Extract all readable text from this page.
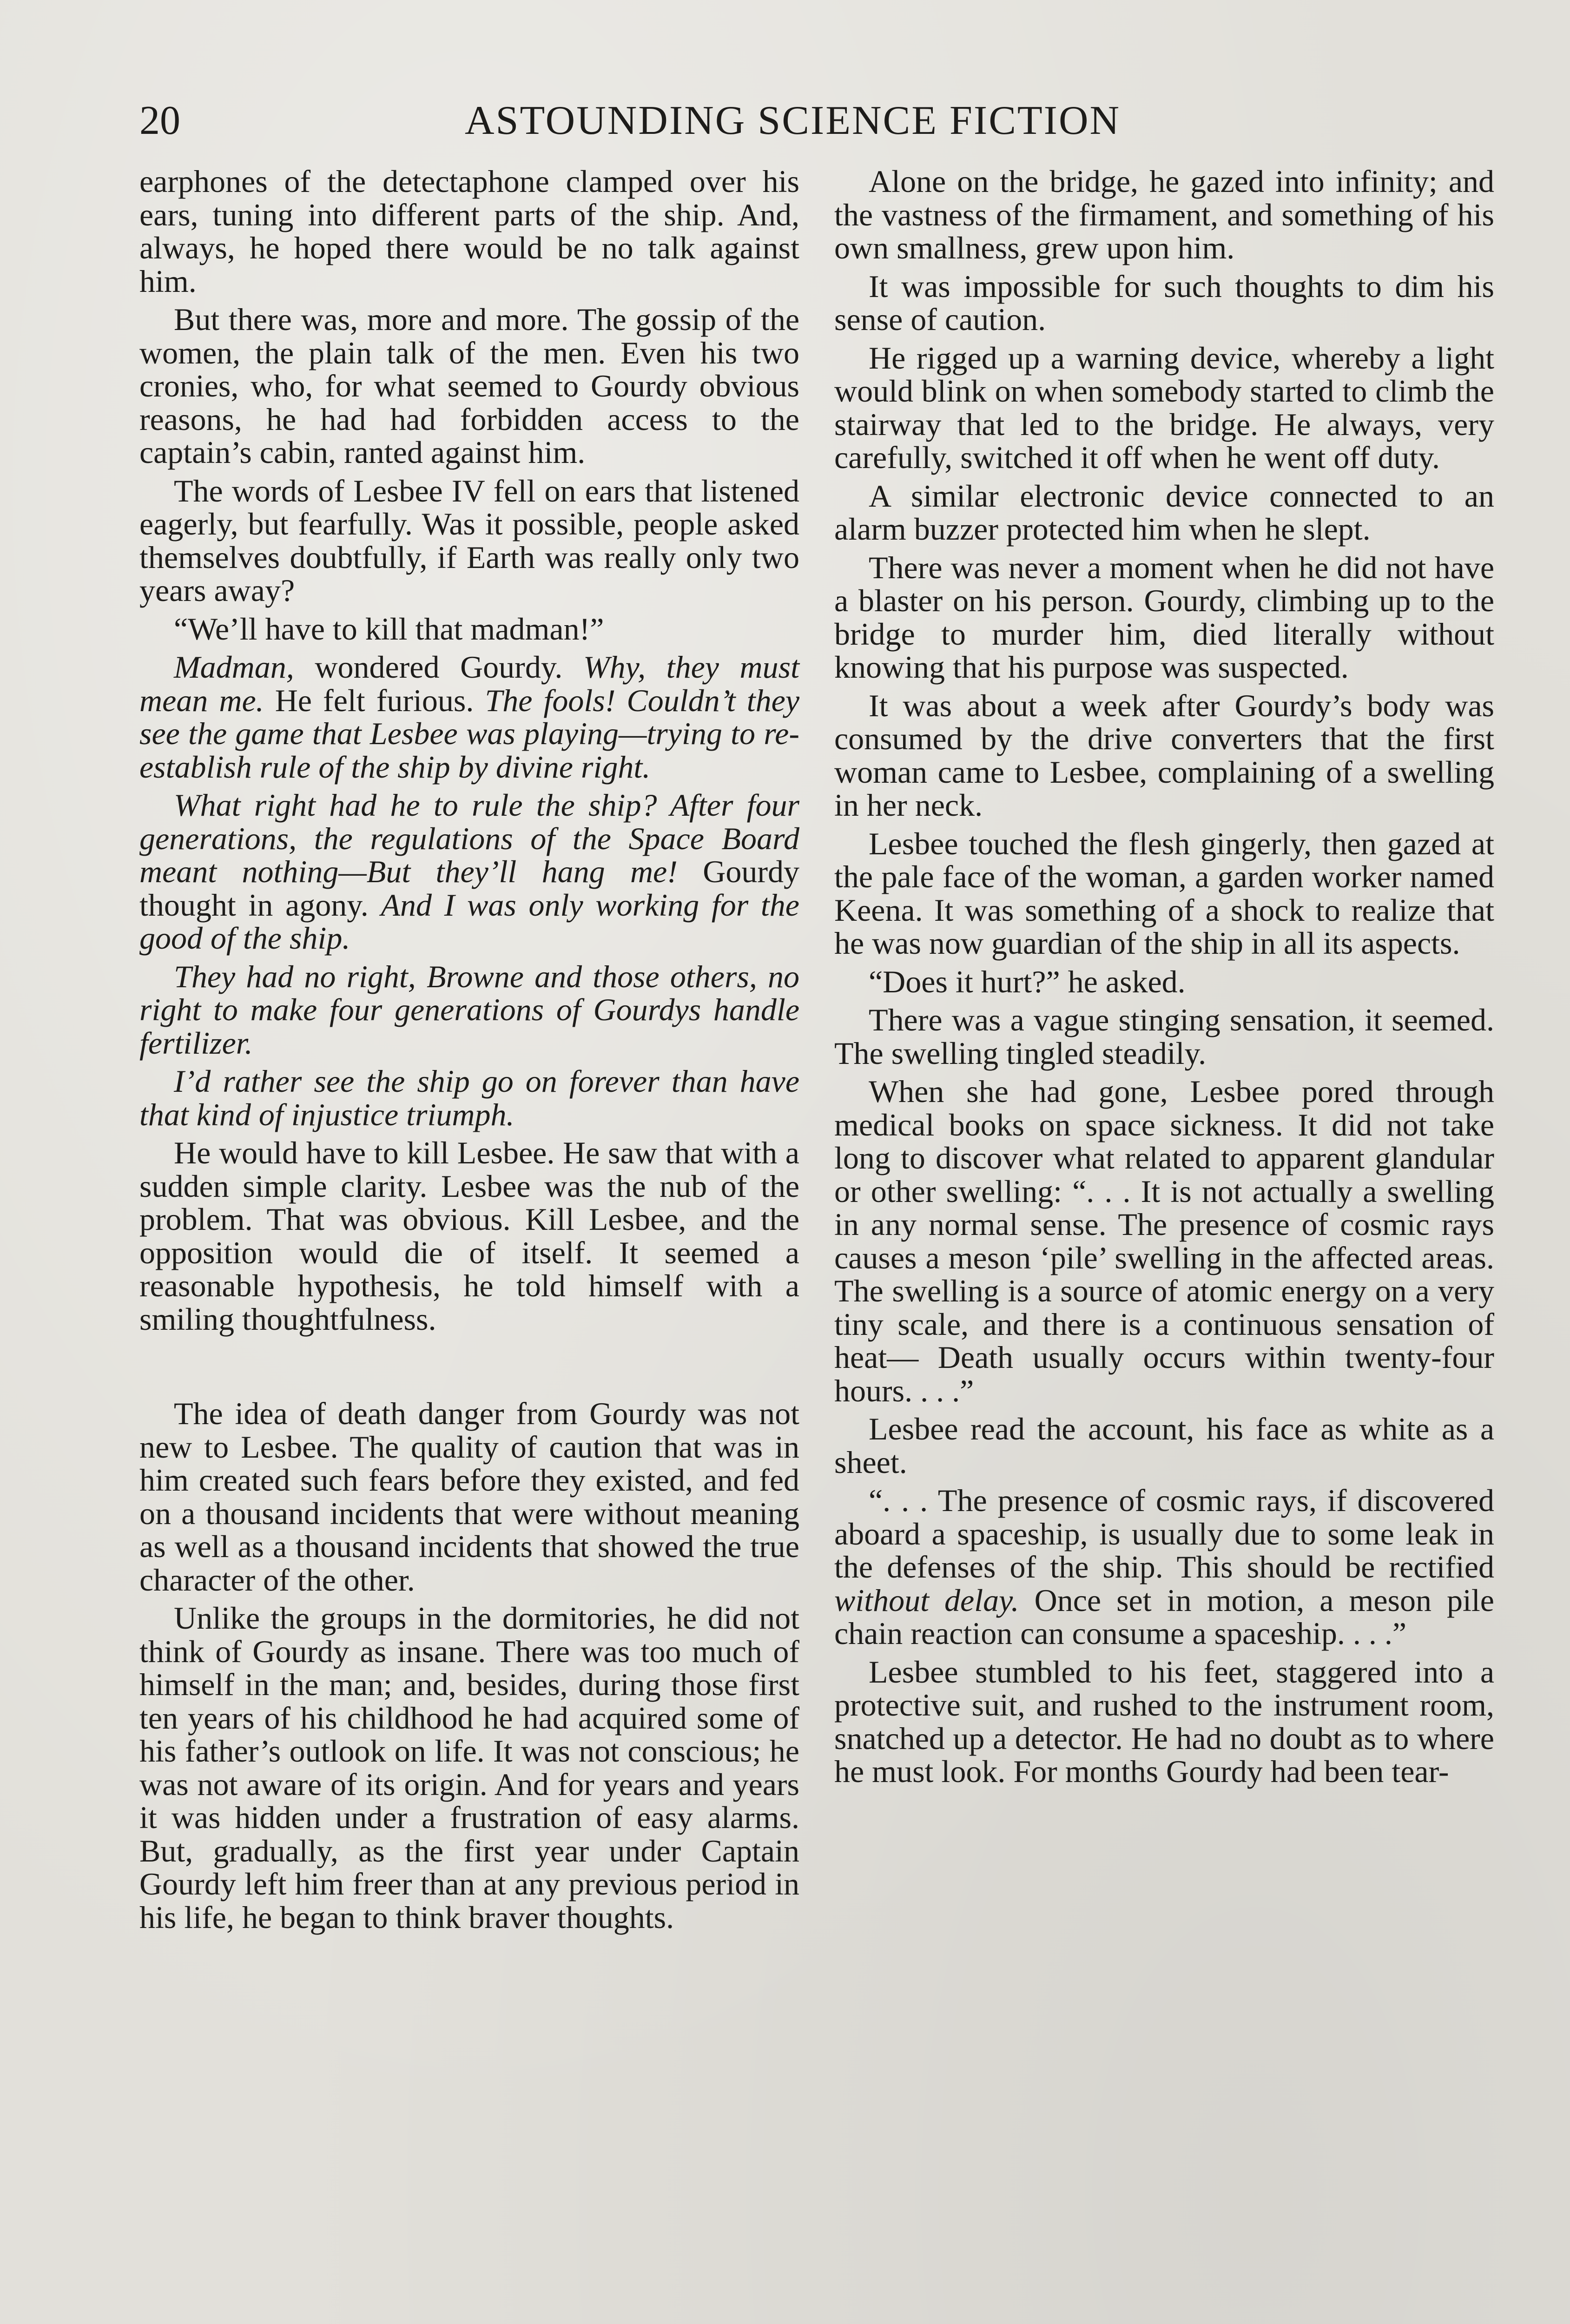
20	ASTOUNDING SCIENCE FICTION

earphones of the detectaphone clamped over his ears, tuning into different parts of the ship. And, always, he hoped there would be no talk against him.

But there was, more and more. The gossip of the women, the plain talk of the men. Even his two cronies, who, for what seemed to Gourdy obvious reasons, he had had forbidden access to the captain’s cabin, ranted against him.

The words of Lesbee IV fell on ears that listened eagerly, but fearfully. Was it possible, people asked themselves doubtfully, if Earth was really only two years away?

“We’ll have to kill that madman!”

Madman, wondered Gourdy. Why, they must mean me. He felt furious. The fools! Couldn’t they see the game that Lesbee was playing—trying to re-establish rule of the ship by divine right.

What right had he to rule the ship? After four generations, the regulations of the Space Board meant nothing—But they’ll hang me! Gourdy thought in agony. And I was only working for the good of the ship.

They had no right, Browne and those others, no right to make four generations of Gourdys handle fertilizer.

I’d rather see the ship go on forever than have that kind of injustice triumph.

He would have to kill Lesbee. He saw that with a sudden simple clarity. Lesbee was the nub of the problem. That was obvious. Kill Lesbee, and the opposition would die of itself. It seemed a reasonable hypothesis, he told himself with a smiling thoughtfulness.

The idea of death danger from Gourdy was not new to Lesbee. The quality of caution that was in him created such fears before they existed, and fed on a thousand incidents that were without meaning as well as a thousand incidents that showed the true character of the other.

Unlike the groups in the dormitories, he did not think of Gourdy as insane. There was too much of himself in the man; and, besides, during those first ten years of his childhood he had acquired some of his father’s outlook on life. It was not conscious; he was not aware of its origin. And for years and years it was hidden under a frustration of easy alarms. But, gradually, as the first year under Captain Gourdy left him freer than at any previous period in his life, he began to think braver thoughts.

Alone on the bridge, he gazed into infinity; and the vastness of the firmament, and something of his own smallness, grew upon him.

It was impossible for such thoughts to dim his sense of caution.

He rigged up a warning device, whereby a light would blink on when somebody started to climb the stairway that led to the bridge. He always, very carefully, switched it off when he went off duty.

A similar electronic device connected to an alarm buzzer protected him when he slept.

There was never a moment when he did not have a blaster on his person. Gourdy, climbing up to the bridge to murder him, died literally without knowing that his purpose was suspected.

It was about a week after Gourdy’s body was consumed by the drive converters that the first woman came to Lesbee, complaining of a swelling in her neck.

Lesbee touched the flesh gingerly, then gazed at the pale face of the woman, a garden worker named Keena. It was something of a shock to realize that he was now guardian of the ship in all its aspects.

“Does it hurt?” he asked.

There was a vague stinging sensation, it seemed. The swelling tingled steadily.

When she had gone, Lesbee pored through medical books on space sickness. It did not take long to discover what related to apparent glandular or other swelling: “. . . It is not actually a swelling in any normal sense. The presence of cosmic rays causes a meson ‘pile’ swelling in the affected areas. The swelling is a source of atomic energy on a very tiny scale, and there is a continuous sensation of heat— Death usually occurs within twenty-four hours. . . .”

Lesbee read the account, his face as white as a sheet.

“. . . The presence of cosmic rays, if discovered aboard a spaceship, is usually due to some leak in the defenses of the ship. This should be rectified without delay. Once set in motion, a meson pile chain reaction can consume a spaceship. . . .”

Lesbee stumbled to his feet, staggered into a protective suit, and rushed to the instrument room, snatched up a detector. He had no doubt as to where he must look. For months Gourdy had been tear-
